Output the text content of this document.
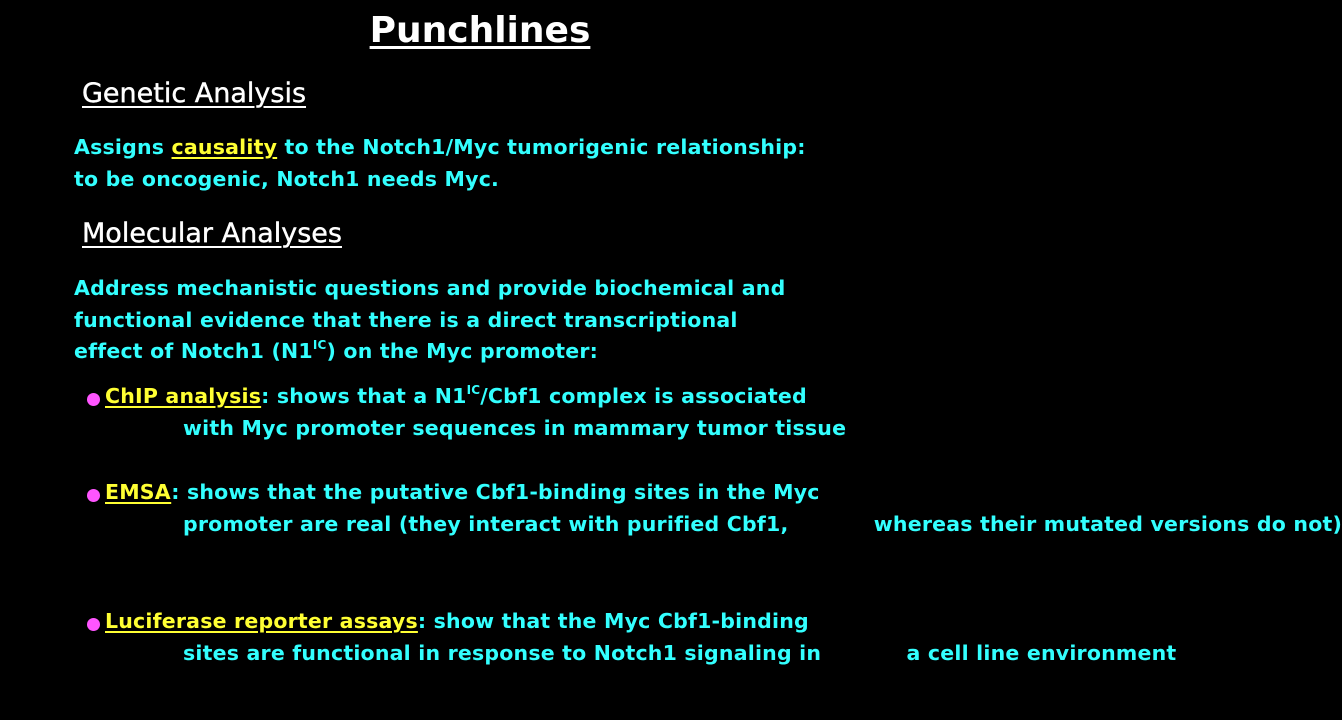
Punchlines
Genetic Analysis
Assigns causality to the Notch1/Myc tumorigenic relationship:
to be oncogenic, Notch1 needs Myc.
Molecular Analyses
Address mechanistic questions and provide biochemical and
functional evidence that there is a direct transcriptional
effect of Notch1 $(N1^{IC})$ on the Myc promoter:
ChIP analysis: shows that a $N1^{IC}/Cbf1$ complex is associated
with Myc promoter sequences in mammary tumor tissue
EMSA: shows that the putative Cbf1-binding sites in the Myc
promoter are real (they interact with purified Cbf1,	whereas their mutated versions do not)
Luciferase reporter assays: show that the Myc Cbf1-binding
sites are functional in response to Notch1 signaling in	a cell line environment
